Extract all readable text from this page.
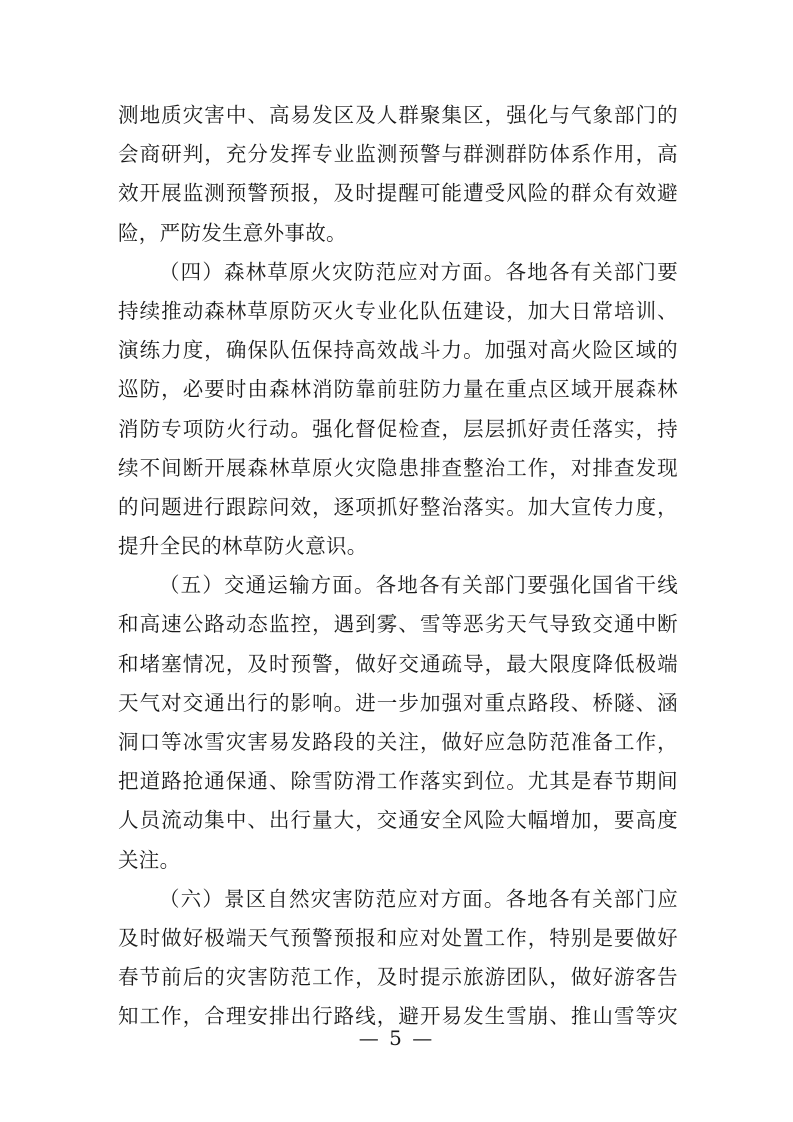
测地质灾害中、高易发区及人群聚集区，强化与气象部门的
会商研判，充分发挥专业监测预警与群测群防体系作用，高
效开展监测预警预报，及时提醒可能遭受风险的群众有效避
险，严防发生意外事故。
（四）森林草原火灾防范应对方面。各地各有关部门要
持续推动森林草原防灭火专业化队伍建设，加大日常培训、
演练力度，确保队伍保持高效战斗力。加强对高火险区域的
巡防，必要时由森林消防靠前驻防力量在重点区域开展森林
消防专项防火行动。强化督促检查，层层抓好责任落实，持
续不间断开展森林草原火灾隐患排查整治工作，对排查发现
的问题进行跟踪问效，逐项抓好整治落实。加大宣传力度，
提升全民的林草防火意识。
（五）交通运输方面。各地各有关部门要强化国省干线
和高速公路动态监控，遇到雾、雪等恶劣天气导致交通中断
和堵塞情况，及时预警，做好交通疏导，最大限度降低极端
天气对交通出行的影响。进一步加强对重点路段、桥隧、涵
洞口等冰雪灾害易发路段的关注，做好应急防范准备工作，
把道路抢通保通、除雪防滑工作落实到位。尤其是春节期间
人员流动集中、出行量大，交通安全风险大幅增加，要高度
关注。
（六）景区自然灾害防范应对方面。各地各有关部门应
及时做好极端天气预警预报和应对处置工作，特别是要做好
春节前后的灾害防范工作，及时提示旅游团队，做好游客告
知工作，合理安排出行路线，避开易发生雪崩、推山雪等灾
— 5 —
